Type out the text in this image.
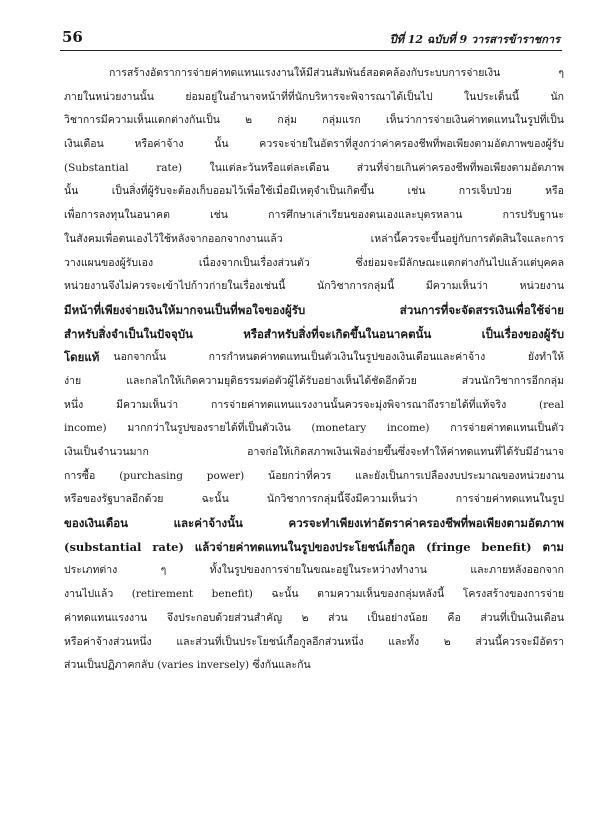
56	ปีที่ 12 ฉบับที่ 9 วารสารข้าราชการ
การสร้างอัตราการจ่ายค่าทดแทนแรงงานให้มีส่วนสัมพันธ์สอดคล้องกับระบบการจ่ายเงิน ๆ
ภายในหน่วยงานนั้น ย่อมอยู่ในอำนาจหน้าที่ที่นักบริหารจะพิจารณาได้เป็นไป ในประเด็นนี้ นัก
วิชาการมีความเห็นแตกต่างกันเป็น ๒ กลุ่ม กลุ่มแรก เห็นว่าการจ่ายเงินค่าทดแทนในรูปที่เป็น
เงินเดือน หรือค่าจ้าง นั้น ควรจะจ่ายในอัตราที่สูงกว่าค่าครองชีพที่พอเพียงตามอัตภาพของผู้รับ
(Substantial rate) ในแต่ละวันหรือแต่ละเดือน ส่วนที่จ่ายเกินค่าครองชีพที่พอเพียงตามอัตภาพ
นั้น เป็นสิ่งที่ผู้รับจะต้องเก็บออมไว้เพื่อใช้เมื่อมีเหตุจำเป็นเกิดขึ้น เช่น การเจ็บป่วย หรือ
เพื่อการลงทุนในอนาคต เช่น การศึกษาเล่าเรียนของตนเองและบุตรหลาน การปรับฐานะ
ในสังคมเพื่อตนเองไว้ใช้หลังจากออกจากงานแล้ว เหล่านี้ควรจะขึ้นอยู่กับการตัดสินใจและการ
วางแผนของผู้รับเอง เนื่องจากเป็นเรื่องส่วนตัว ซึ่งย่อมจะมีลักษณะแตกต่างกันไปแล้วแต่บุคคล
หน่วยงานจึงไม่ควรจะเข้าไปก้าวก่ายในเรื่องเช่นนี้ นักวิชาการกลุ่มนี้ มีความเห็นว่า หน่วยงาน
มีหน้าที่เพียงจ่ายเงินให้มากจนเป็นที่พอใจของผู้รับ ส่วนการที่จะจัดสรรเงินเพื่อใช้จ่าย
สำหรับสิ่งจำเป็นในปัจจุบัน หรือสำหรับสิ่งที่จะเกิดขึ้นในอนาคตนั้น เป็นเรื่องของผู้รับ
โดยแท้ นอกจากนั้น การกำหนดค่าทดแทนเป็นตัวเงินในรูปของเงินเดือนและค่าจ้าง ยังทำให้
ง่าย และกลไกให้เกิดความยุติธรรมต่อตัวผู้ได้รับอย่างเห็นได้ชัดอีกด้วย ส่วนนักวิชาการอีกกลุ่ม
หนึ่ง มีความเห็นว่า การจ่ายค่าทดแทนแรงงานนั้นควรจะมุ่งพิจารณาถึงรายได้ที่แท้จริง (real
income) มากกว่าในรูปของรายได้ที่เป็นตัวเงิน (monetary income) การจ่ายค่าทดแทนเป็นตัว
เงินเป็นจำนวนมาก อาจก่อให้เกิดสภาพเงินเฟ้อง่ายขึ้นซึ่งจะทำให้ค่าทดแทนที่ได้รับมีอำนาจ
การซื้อ (purchasing power) น้อยกว่าที่ควร และยังเป็นการเปลืองงบประมาณของหน่วยงาน
หรือของรัฐบาลอีกด้วย ฉะนั้น นักวิชาการกลุ่มนี้จึงมีความเห็นว่า การจ่ายค่าทดแทนในรูป
ของเงินเดือน และค่าจ้างนั้น ควรจะทำเพียงเท่าอัตราค่าครองชีพที่พอเพียงตามอัตภาพ
(substantial rate) แล้วจ่ายค่าทดแทนในรูปของประโยชน์เกื้อกูล (fringe benefit) ตาม
ประเภทต่าง ๆ ทั้งในรูปของการจ่ายในขณะอยู่ในระหว่างทำงาน และภายหลังออกจาก
งานไปแล้ว (retirement benefit) ฉะนั้น ตามความเห็นของกลุ่มหลังนี้ โครงสร้างของการจ่าย
ค่าทดแทนแรงงาน จึงประกอบด้วยส่วนสำคัญ ๒ ส่วน เป็นอย่างน้อย คือ ส่วนที่เป็นเงินเดือน
หรือค่าจ้างส่วนหนึ่ง และส่วนที่เป็นประโยชน์เกื้อกูลอีกส่วนหนึ่ง และทั้ง ๒ ส่วนนี้ควรจะมีอัตรา
ส่วนเป็นปฏิภาคกลับ (varies inversely) ซึ่งกันและกัน
